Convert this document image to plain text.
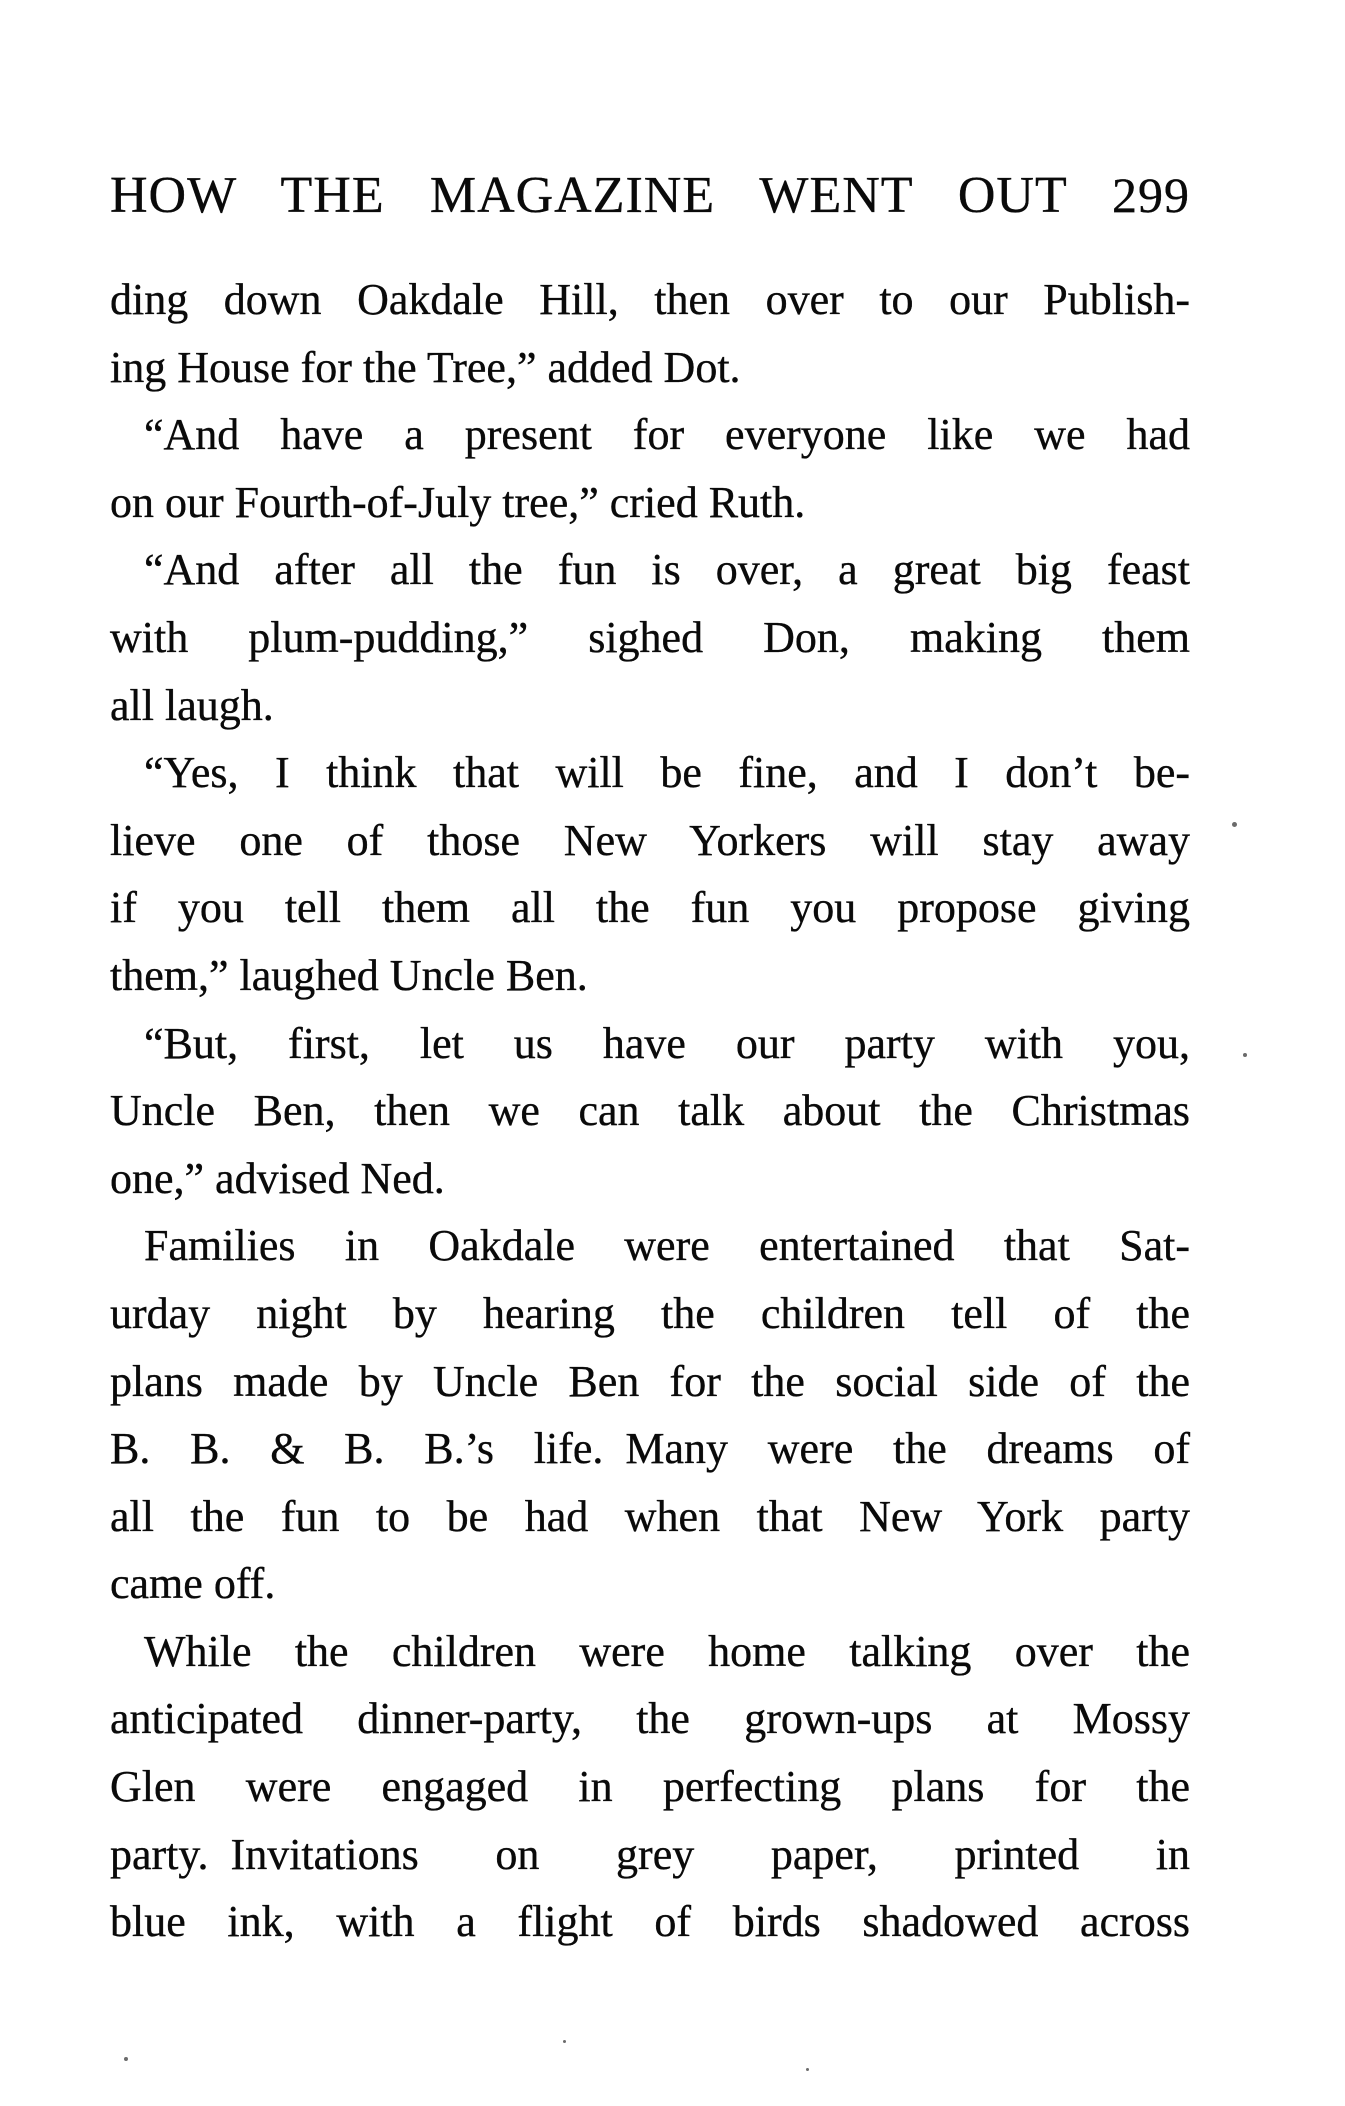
HOW THE MAGAZINE WENT OUT 299
ding down Oakdale Hill, then over to our Publish-
ing House for the Tree,” added Dot.
“And have a present for everyone like we had
on our Fourth-of-July tree,” cried Ruth.
“And after all the fun is over, a great big feast
with plum-pudding,” sighed Don, making them
all laugh.
“Yes, I think that will be fine, and I don’t be-
lieve one of those New Yorkers will stay away
if you tell them all the fun you propose giving
them,” laughed Uncle Ben.
“But, first, let us have our party with you,
Uncle Ben, then we can talk about the Christmas
one,” advised Ned.
Families in Oakdale were entertained that Sat-
urday night by hearing the children tell of the
plans made by Uncle Ben for the social side of the
B. B. & B. B.’s life. Many were the dreams of
all the fun to be had when that New York party
came off.
While the children were home talking over the
anticipated dinner-party, the grown-ups at Mossy
Glen were engaged in perfecting plans for the
party. Invitations on grey paper, printed in
blue ink, with a flight of birds shadowed across
